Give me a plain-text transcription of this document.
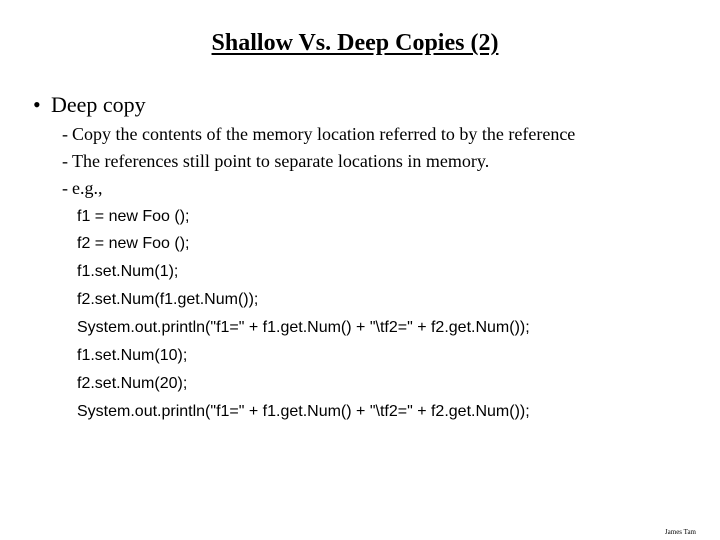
Shallow Vs. Deep Copies (2)
• Deep copy
- Copy the contents of the memory location referred to by the reference
- The references still point to separate locations in memory.
- e.g.,
f1 = new Foo ();
f2 = new Foo ();
f1.set.Num(1);
f2.set.Num(f1.get.Num());
System.out.println("f1=" + f1.get.Num() + "\tf2=" + f2.get.Num());
f1.set.Num(10);
f2.set.Num(20);
System.out.println("f1=" + f1.get.Num() + "\tf2=" + f2.get.Num());
James Tam
